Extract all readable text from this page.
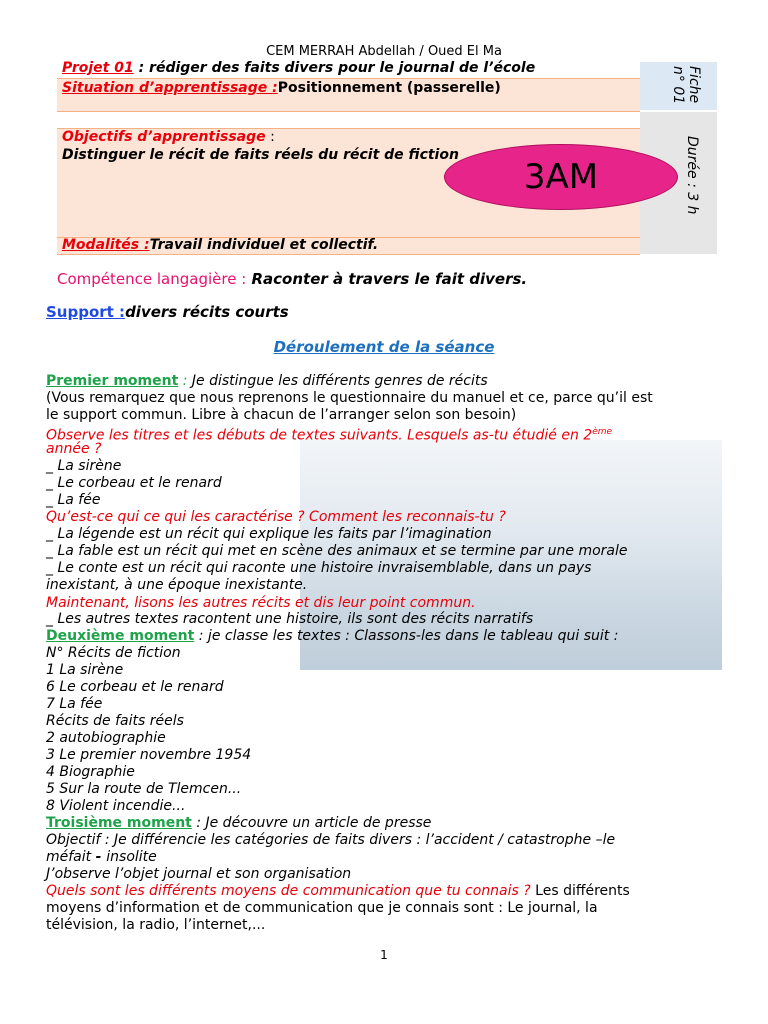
CEM MERRAH Abdellah / Oued El Ma
Projet 01 : rédiger des faits divers pour le journal de l’école
Situation d’apprentissage :Positionnement (passerelle)
Objectifs d’apprentissage :
Distinguer le récit de faits réels du récit de fiction
Modalités :Travail individuel et collectif.
Fiche n° 01
Durée : 3 h
3AM
Compétence langagière : Raconter à travers le fait divers.
Support :divers récits courts
Déroulement de la séance
Premier moment : Je distingue les différents genres de récits
(Vous remarquez que nous reprenons le questionnaire du manuel et ce, parce qu’il est
le support commun. Libre à chacun de l’arranger selon son besoin)
Observe les titres et les débuts de textes suivants. Lesquels as-tu étudié en 2ème
année ?
_ La sirène
_ Le corbeau et le renard
_ La fée
Qu’est-ce qui ce qui les caractérise ? Comment les reconnais-tu ?
_ La légende est un récit qui explique les faits par l’imagination
_ La fable est un récit qui met en scène des animaux et se termine par une morale
_ Le conte est un récit qui raconte une histoire invraisemblable, dans un pays
inexistant, à une époque inexistante.
Maintenant, lisons les autres récits et dis leur point commun.
_ Les autres textes racontent une histoire, ils sont des récits narratifs
Deuxième moment : je classe les textes : Classons-les dans le tableau qui suit :
N° Récits de fiction
1 La sirène
6 Le corbeau et le renard
7 La fée
Récits de faits réels
2 autobiographie
3 Le premier novembre 1954
4 Biographie
5 Sur la route de Tlemcen...
8 Violent incendie...
Troisième moment : Je découvre un article de presse
Objectif : Je différencie les catégories de faits divers : l’accident / catastrophe –le
méfait - insolite
J’observe l’objet journal et son organisation
Quels sont les différents moyens de communication que tu connais ? Les différents
moyens d’information et de communication que je connais sont : Le journal, la
télévision, la radio, l’internet,...
1
